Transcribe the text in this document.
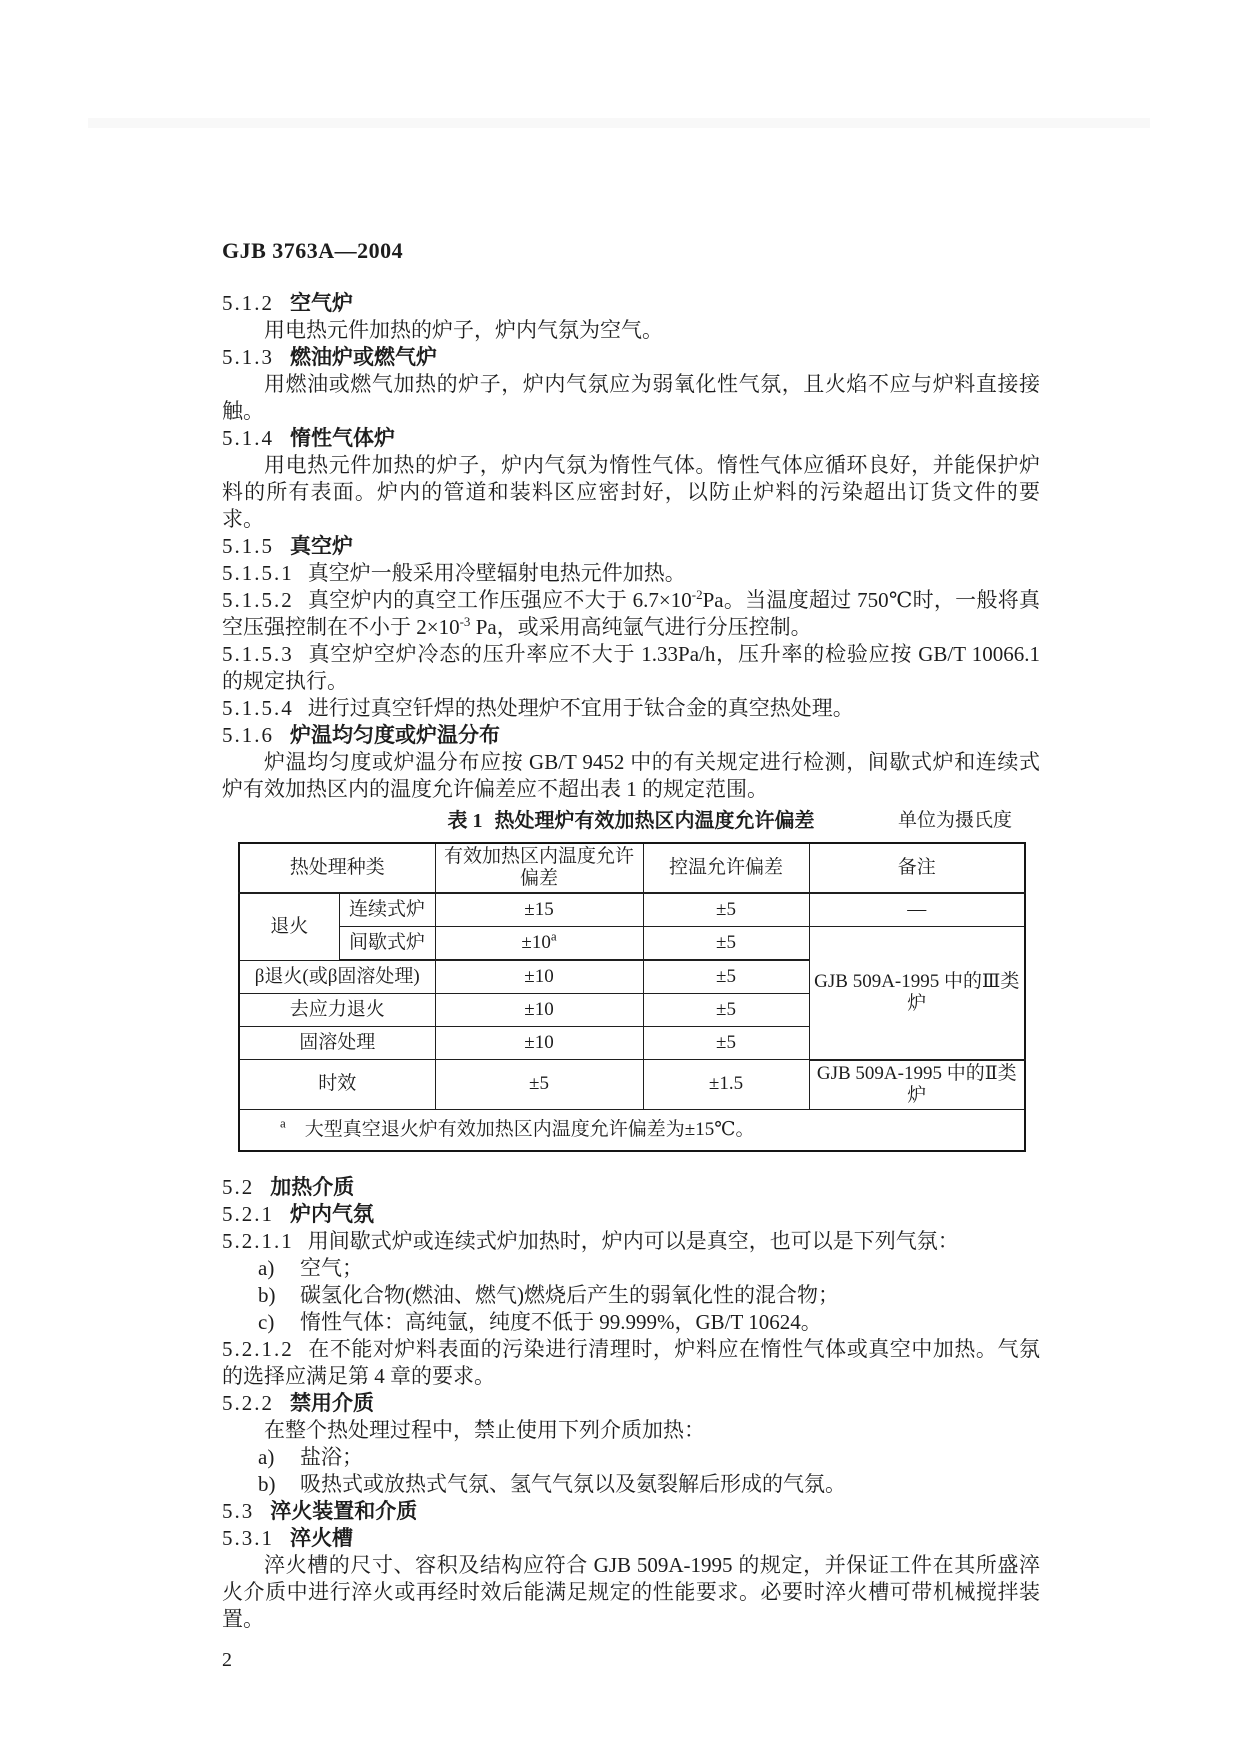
GJB 3763A—2004
5.1.2 空气炉
用电热元件加热的炉子，炉内气氛为空气。
5.1.3 燃油炉或燃气炉
用燃油或燃气加热的炉子，炉内气氛应为弱氧化性气氛，且火焰不应与炉料直接接触。
5.1.4 惰性气体炉
用电热元件加热的炉子，炉内气氛为惰性气体。惰性气体应循环良好，并能保护炉料的所有表面。炉内的管道和装料区应密封好，以防止炉料的污染超出订货文件的要求。
5.1.5 真空炉
5.1.5.1 真空炉一般采用冷壁辐射电热元件加热。
5.1.5.2 真空炉内的真空工作压强应不大于 $6.7\times 10^{-2}Pa$。当温度超过 750℃时，一般将真空压强控制在不小于 $2\times 10^{-3}$ Pa，或采用高纯氩气进行分压控制。
5.1.5.3 真空炉空炉冷态的压升率应不大于 1.33Pa/h，压升率的检验应按 GB/T 10066.1 的规定执行。
5.1.5.4 进行过真空钎焊的热处理炉不宜用于钛合金的真空热处理。
5.1.6 炉温均匀度或炉温分布
炉温均匀度或炉温分布应按 GB/T 9452 中的有关规定进行检测，间歇式炉和连续式炉有效加热区内的温度允许偏差应不超出表 1 的规定范围。
表 1 热处理炉有效加热区内温度允许偏差	单位为摄氏度
热处理种类		有效加热区内温度允许偏差	控温允许偏差	备注
退火	连续式炉	±15	±5	—
	间歇式炉	$\pm 10^a$	±5	GJB 509A-1995 中的Ⅲ类炉
β退火(或β固溶处理)		±10	±5	
去应力退火		±10	±5	
固溶处理		±10	±5	
时效		±5	±1.5	GJB 509A-1995 中的Ⅱ类炉
$^a$　大型真空退火炉有效加热区内温度允许偏差为±15℃。				
5.2 加热介质
5.2.1 炉内气氛
5.2.1.1 用间歇式炉或连续式炉加热时，炉内可以是真空，也可以是下列气氛：
a) 空气；
b) 碳氢化合物(燃油、燃气)燃烧后产生的弱氧化性的混合物；
c) 惰性气体：高纯氩，纯度不低于 99.999%，GB/T 10624。
5.2.1.2 在不能对炉料表面的污染进行清理时，炉料应在惰性气体或真空中加热。气氛的选择应满足第 4 章的要求。
5.2.2 禁用介质
在整个热处理过程中，禁止使用下列介质加热：
a) 盐浴；
b) 吸热式或放热式气氛、氢气气氛以及氨裂解后形成的气氛。
5.3 淬火装置和介质
5.3.1 淬火槽
淬火槽的尺寸、容积及结构应符合 GJB 509A-1995 的规定，并保证工件在其所盛淬火介质中进行淬火或再经时效后能满足规定的性能要求。必要时淬火槽可带机械搅拌装置。
2
